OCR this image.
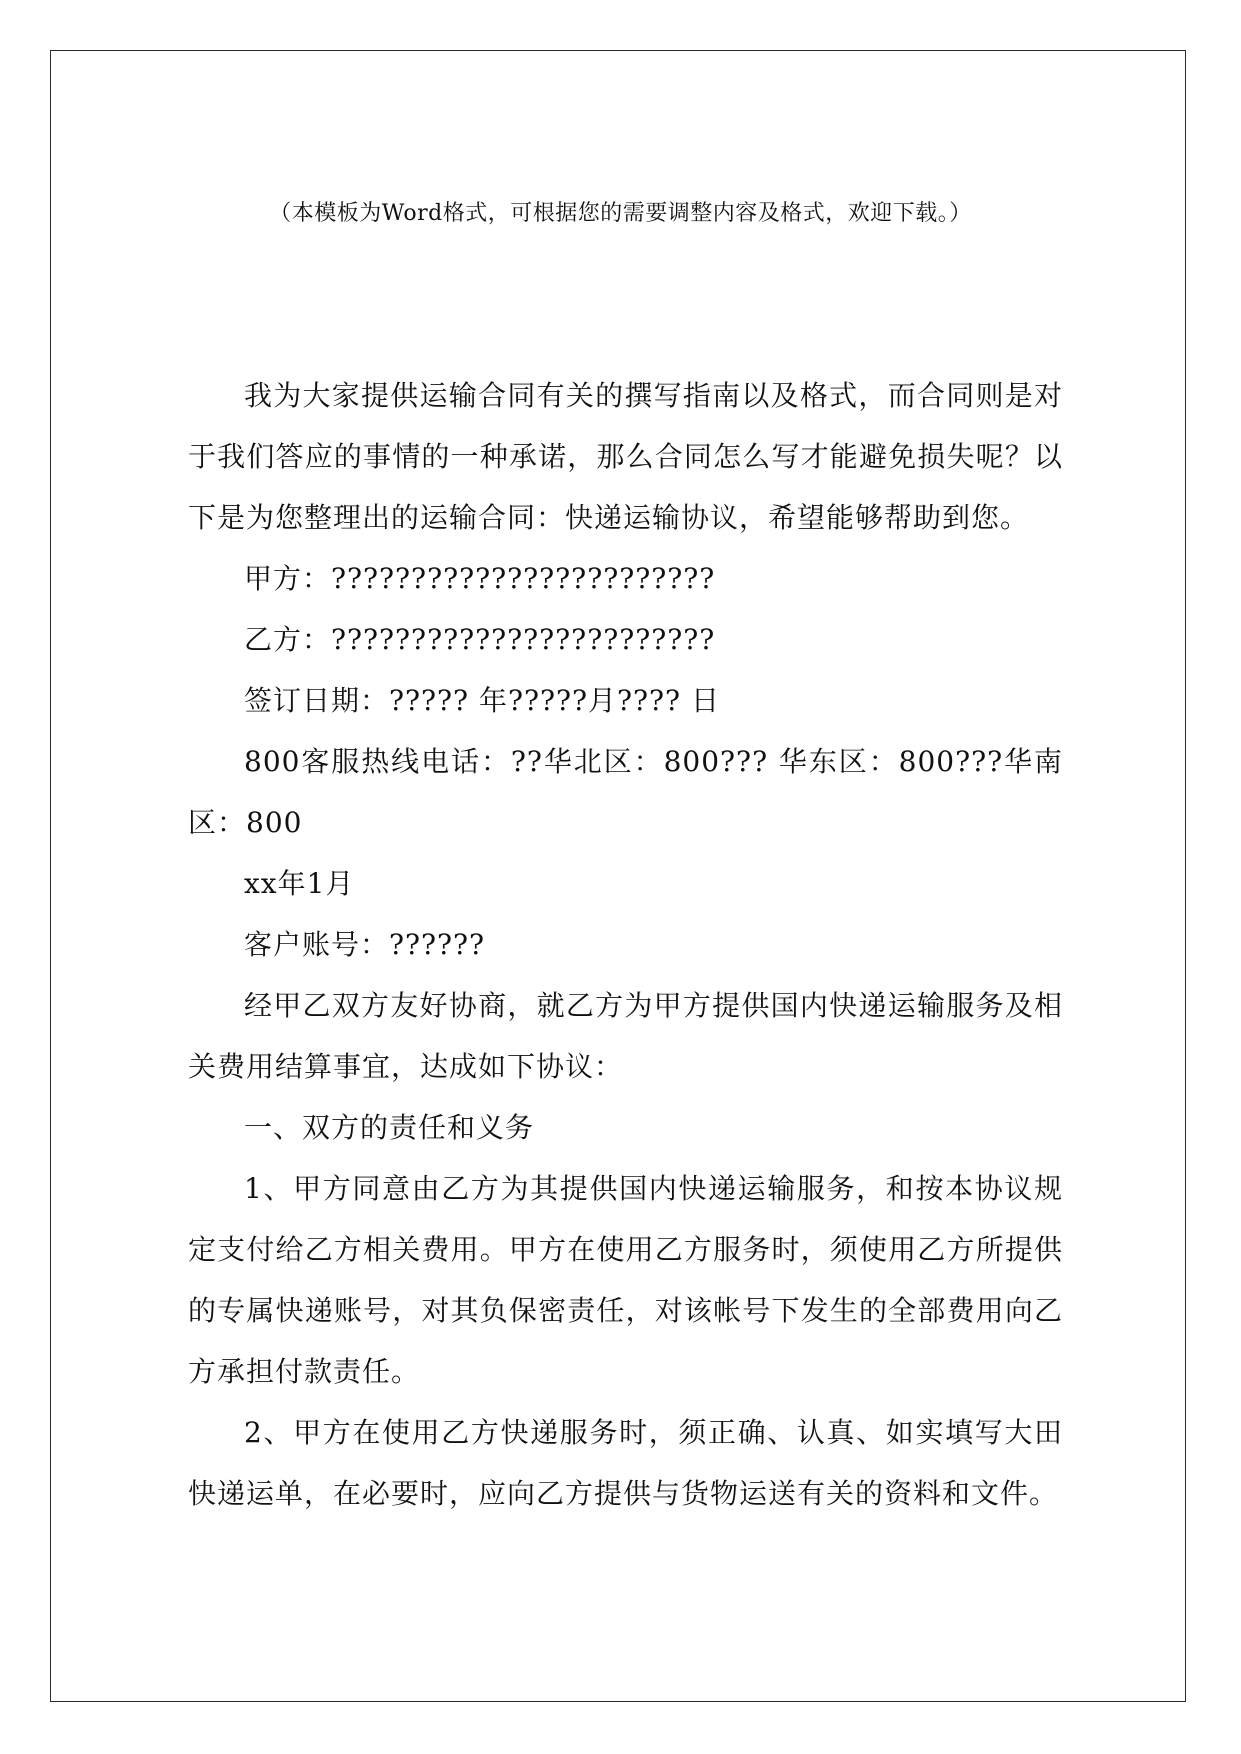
（本模板为Word格式，可根据您的需要调整内容及格式，欢迎下载。）

我为大家提供运输合同有关的撰写指南以及格式，而合同则是对于我们答应的事情的一种承诺，那么合同怎么写才能避免损失呢？以下是为您整理出的运输合同：快递运输协议，希望能够帮助到您。

甲方：????????????????????????

乙方：????????????????????????

签订日期：????? 年?????月???? 日

800客服热线电话：??华北区：800??? 华东区：800???华南区：800

xx年1月

客户账号：??????

经甲乙双方友好协商，就乙方为甲方提供国内快递运输服务及相关费用结算事宜，达成如下协议：

一、双方的责任和义务

1、甲方同意由乙方为其提供国内快递运输服务，和按本协议规定支付给乙方相关费用。甲方在使用乙方服务时，须使用乙方所提供的专属快递账号，对其负保密责任，对该帐号下发生的全部费用向乙方承担付款责任。

2、甲方在使用乙方快递服务时，须正确、认真、如实填写大田快递运单，在必要时，应向乙方提供与货物运送有关的资料和文件。
